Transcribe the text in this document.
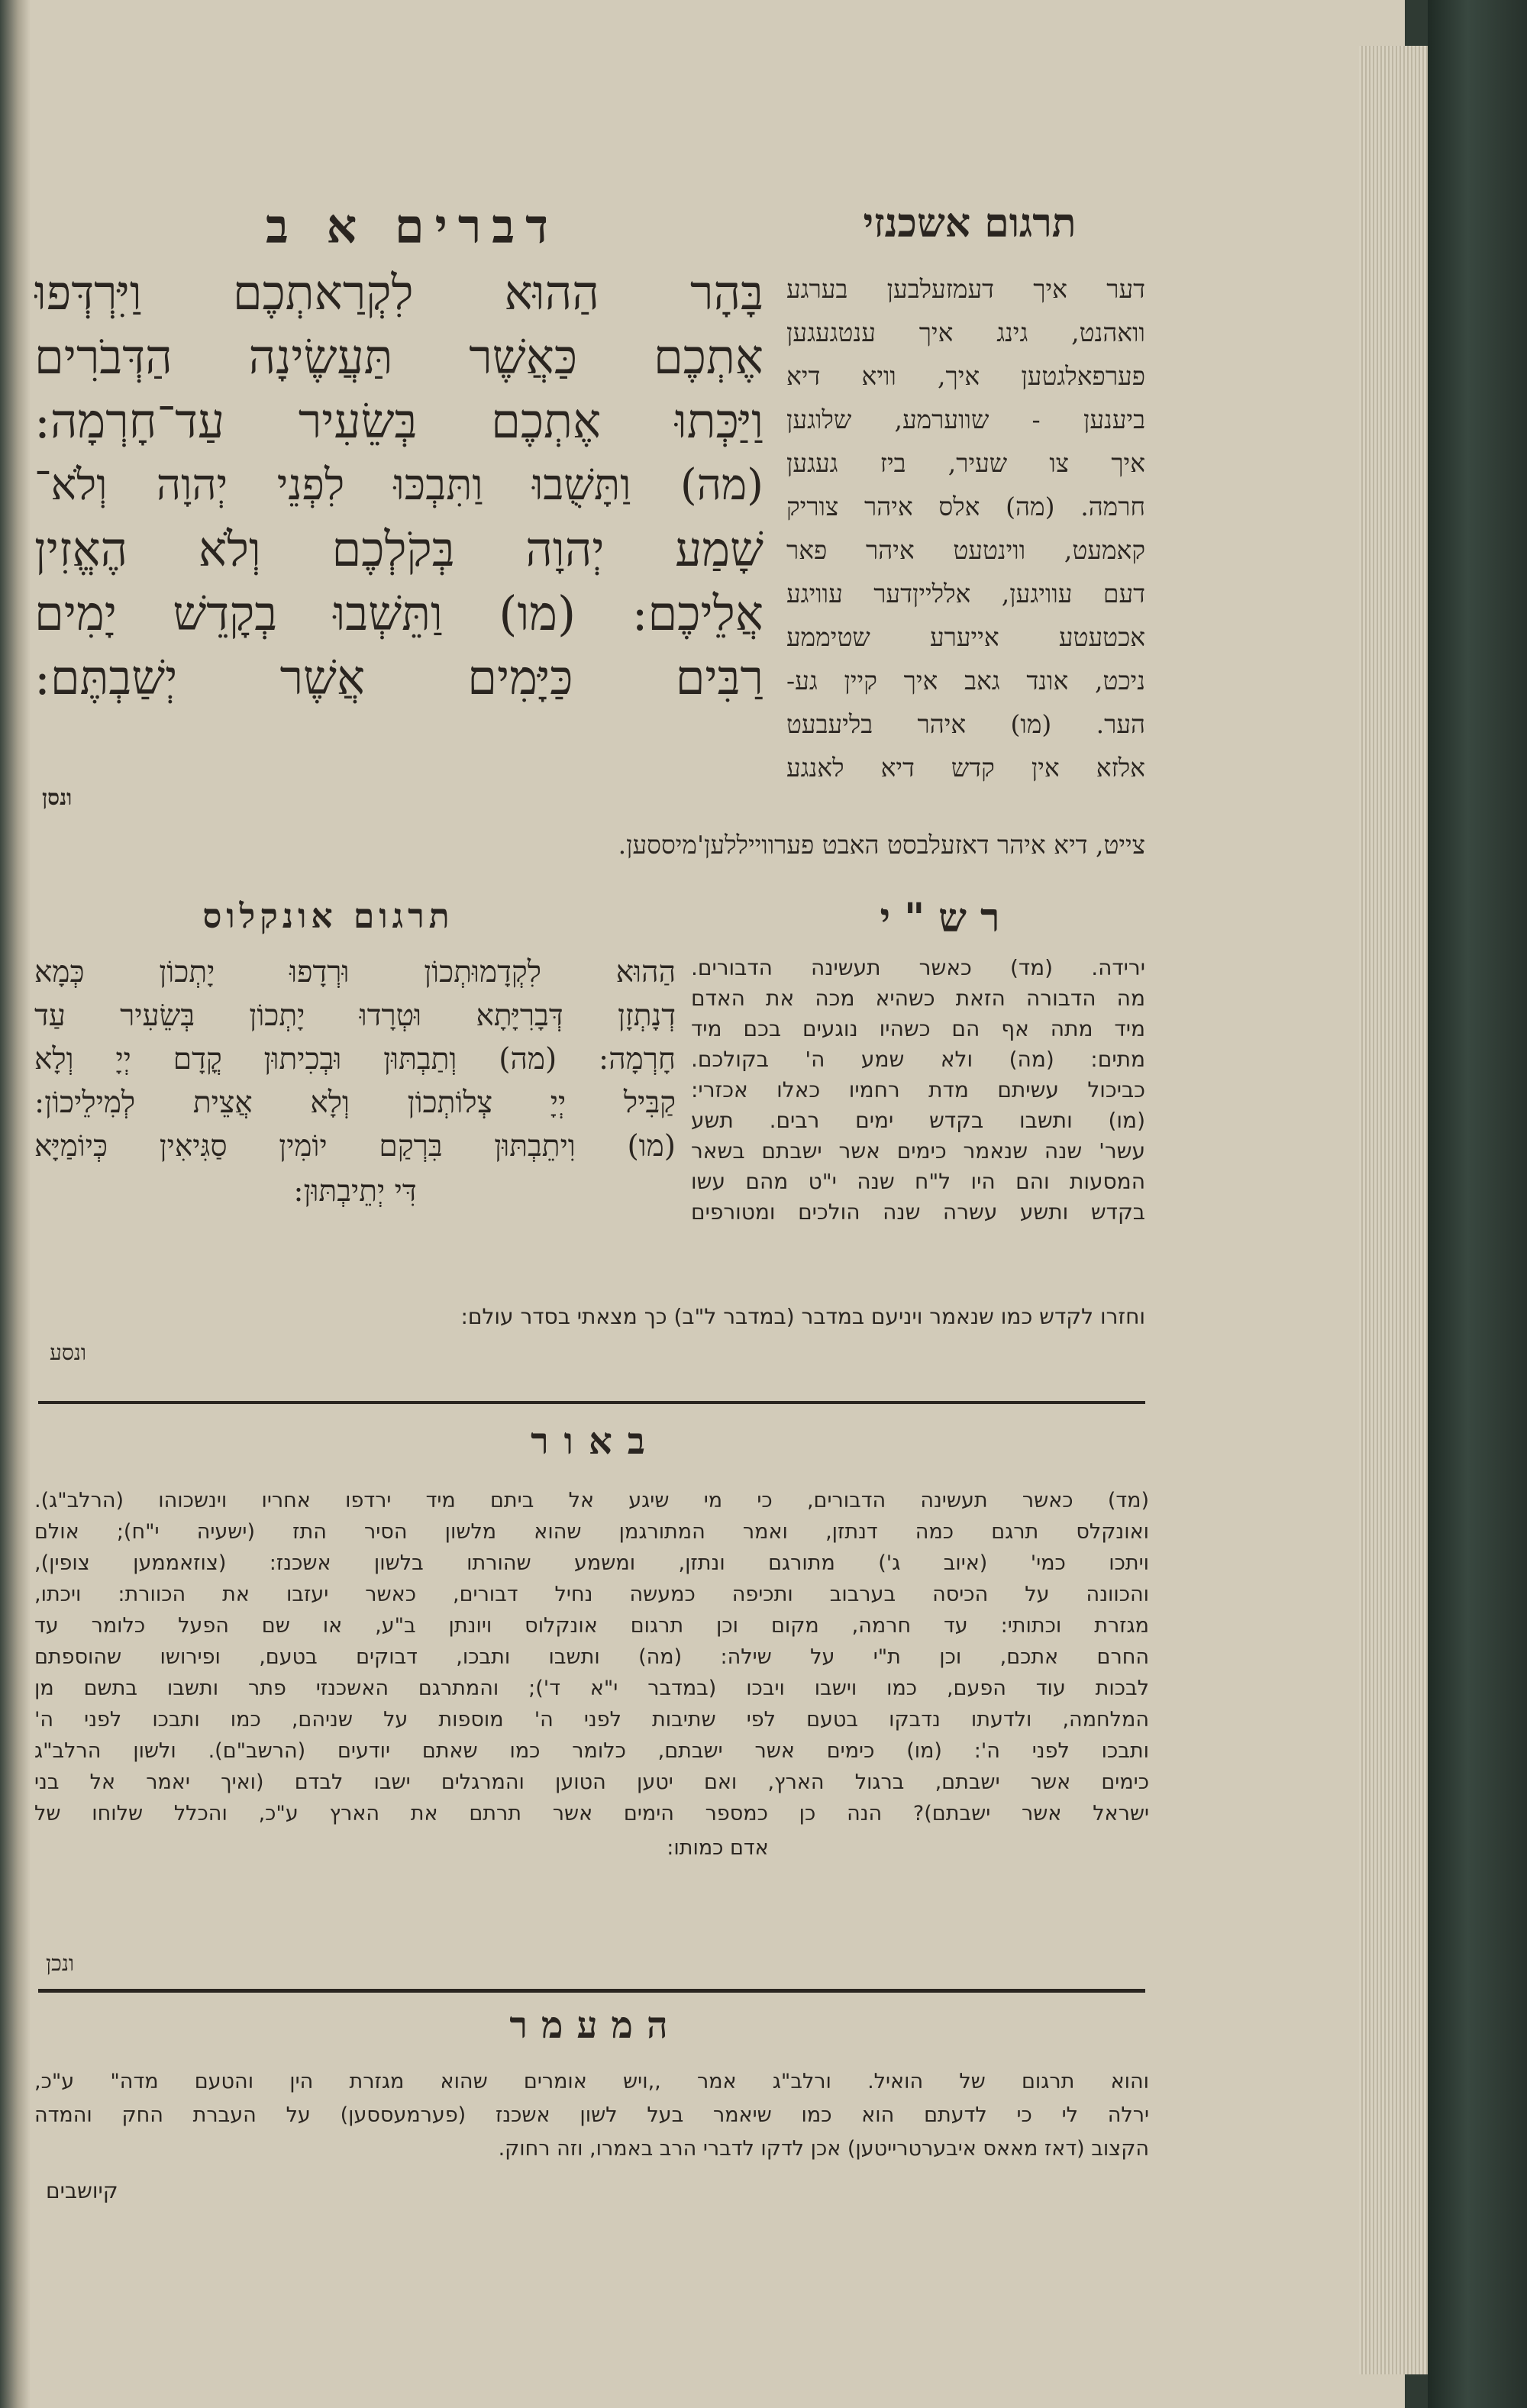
תרגום אשכנזי
דברים א ב
בָּהָר הַהוּא לִקְרַאתְכֶם וַיִּרְדְּפוּ
אֶתְכֶם כַּאֲשֶׁר תַּעֲשֶׂינָה הַדְּבֹרִים
וַיַּכְּתוּ אֶתְכֶם בְּשֵׂעִיר עַד־חָרְמָה:
(מה) וַתָּשֻׁבוּ וַתִּבְכּוּ לִפְנֵי יְהוָה וְלֹא־
שָׁמַע יְהוָה בְּקֹלְכֶם וְלֹא הֶאֱזִין
אֲלֵיכֶם: (מו) וַתֵּשְׁבוּ בְקָדֵשׁ יָמִים
רַבִּים כַּיָּמִים אֲשֶׁר יְשַׁבְתֶּם:
ונסן
דער איך דעמזעלבען בערגע
וואהנט, גינג איך ענטגעגען
פערפאלגטען איך, וויא דיא
ביענען - שווערמע, שלוגען
איך צו שעיר, ביז געגען
חרמה. (מה) אלס איהר צוריק
קאמעט, ווינטעט איהר פאר
דעם עוויגען, אללייןדער עוויגע
אכטעטע אייערע שטיממע
ניכט, אונד גאב איך קיין גע-
הער. (מו) איהר בליעבעט
אלזא אין קדש דיא לאנגע
צייט, דיא איהר דאזעלבסט האבט פערווייללען'מיססען.
תרגום אונקלוס	רש"י
הַהוּא לִקְדָמוּתְכוֹן וּרְדָפוּ יָתְכוֹן כְּמָא
דְנָתְזָן דְּבָרִיָּתָא וּטְרָדוּ יָתְכוֹן בְּשֵׂעִיר עַד
חָרְמָה: (מה) וְתַבְתּוּן וּבְכִיתוּן קֳדָם יְיָ וְלָא
קַבִּיל יְיָ צְלוֹתְכוֹן וְלָא אֲצֵית לְמִילֵיכוֹן:
(מו) וִיתֵבְתּוּן בִּרְקַם יוֹמִין סַגִּיאִין כְּיוֹמַיָּא
דִּי יְתֵיבְתּוּן:
ירידה. (מד) כאשר תעשינה הדבורים.
מה הדבורה הזאת כשהיא מכה את האדם
מיד מתה אף הם כשהיו נוגעים בכם מיד
מתים: (מה) ולא שמע ה' בקולכם.
כביכול עשיתם מדת רחמיו כאלו אכזרי:
(מו) ותשבו בקדש ימים רבים. תשע
עשר' שנה שנאמר כימים אשר ישבתם בשאר
המסעות והם היו ל"ח שנה י"ט מהם עשו
בקדש ותשע עשרה שנה הולכים ומטורפים
וחזרו לקדש כמו שנאמר ויניעם במדבר (במדבר ל"ב) כך מצאתי בסדר עולם:
ונסע
באור
(מד) כאשר תעשינה הדבורים, כי מי שיגע אל ביתם מיד ירדפו אחריו וינשכוהו (הרלב"ג).
ואונקלס תרגם כמה דנתזן, ואמר המתורגמן שהוא מלשון הסיר התז (ישעיה י"ח); אולם
ויתכו כמי' (איוב ג') מתורגם ונתזן, ומשמע שהורתו בלשון אשכנז: (צוזאממען צופין),
והכוונה על הכיסה בערבוב ותכיפה כמעשה נחיל דבורים, כאשר יעזבו את הכוורת: ויכתו,
מגזרת וכתותי: עד חרמה, מקום וכן תרגום אונקלוס ויונתן ב"ע, או שם הפעל כלומר עד
החרם אתכם, וכן ת"י על שילה: (מה) ותשבו ותבכו, דבוקים בטעם, ופירושו שהוספתם
לבכות עוד הפעם, כמו וישבו ויבכו (במדבר י"א ד'); והמתרגם האשכנזי פתר ותשבו בתשם מן
המלחמה, ולדעתו נדבקו בטעם לפי שתיבות לפני ה' מוספות על שניהם, כמו ותבכו לפני ה'
ותבכו לפני ה': (מו) כימים אשר ישבתם, כלומר כמו שאתם יודעים (הרשב"ם). ולשון הרלב"ג
כימים אשר ישבתם, ברגול הארץ, ואם יטען הטוען והמרגלים ישבו לבדם (ואיך יאמר אל בני
ישראל אשר ישבתם)? הנה כן כמספר הימים אשר תרתם את הארץ ע"כ, והכלל שלוחו של
אדם כמותו:
ונכן
המעמר
והוא תרגום של הואיל. ורלב"ג אמר ,,ויש אומרים שהוא מגזרת הין והטעם מדה" ע"כ,
ירלה לי כי לדעתם הוא כמו שיאמר בעל לשון אשכנז (פערמעססען) על העברת החק והמדה
הקצוב (דאז מאאס איבערטרייטען) אכן לדקו לדברי הרב באמרו, וזה רחוק.
קיושבים
